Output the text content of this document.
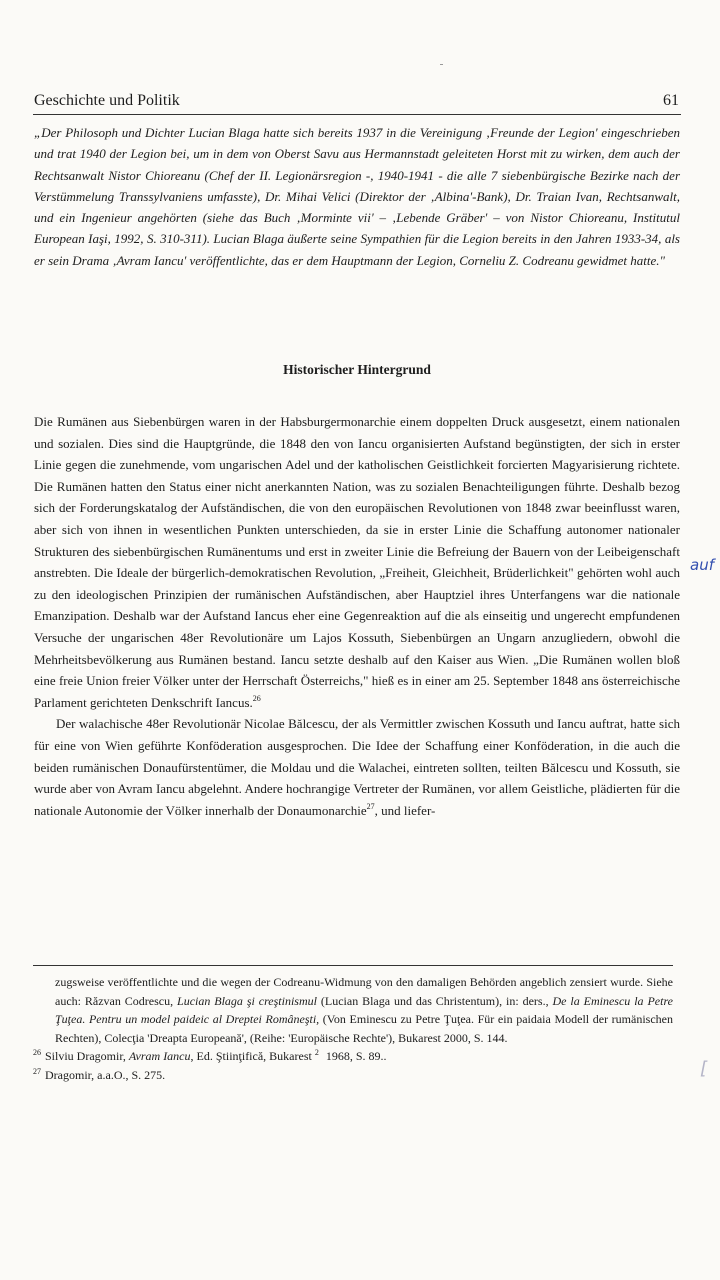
Geschichte und Politik	61

„Der Philosoph und Dichter Lucian Blaga hatte sich bereits 1937 in die Vereinigung ‚Freunde der Legion' eingeschrieben und trat 1940 der Legion bei, um in dem von Oberst Savu aus Hermannstadt geleiteten Horst mit zu wirken, dem auch der Rechtsanwalt Nistor Chioreanu (Chef der II. Legionärsregion -, 1940-1941 - die alle 7 siebenbürgische Bezirke nach der Verstümmelung Transsylvaniens umfasste), Dr. Mihai Velici (Direktor der ‚Albina'-Bank), Dr. Traian Ivan, Rechtsanwalt, und ein Ingenieur angehörten (siehe das Buch ‚Morminte vii' – ‚Lebende Gräber' – von Nistor Chioreanu, Institutul European Iaşi, 1992, S. 310-311). Lucian Blaga äußerte seine Sympathien für die Legion bereits in den Jahren 1933-34, als er sein Drama ‚Avram Iancu' veröffentlichte, das er dem Hauptmann der Legion, Corneliu Z. Codreanu gewidmet hatte."

Historischer Hintergrund

Die Rumänen aus Siebenbürgen waren in der Habsburgermonarchie einem doppelten Druck ausgesetzt, einem nationalen und sozialen. Dies sind die Hauptgründe, die 1848 den von Iancu organisierten Aufstand begünstigten, der sich in erster Linie gegen die zunehmende, vom ungarischen Adel und der katholischen Geistlichkeit forcierten Magyarisierung richtete. Die Rumänen hatten den Status einer nicht anerkannten Nation, was zu sozialen Benachteiligungen führte. Deshalb bezog sich der Forderungskatalog der Aufständischen, die von den europäischen Revolutionen von 1848 zwar beeinflusst waren, aber sich von ihnen in wesentlichen Punkten unterschieden, da sie in erster Linie die Schaffung autonomer nationaler Strukturen des siebenbürgischen Rumänentums und erst in zweiter Linie die Befreiung der Bauern von der Leibeigenschaft anstrebten. Die Ideale der bürgerlich-demokratischen Revolution, „Freiheit, Gleichheit, Brüderlichkeit" gehörten wohl auch zu den ideologischen Prinzipien der rumänischen Aufständischen, aber Hauptziel ihres Unterfangens war die nationale Emanzipation. Deshalb war der Aufstand Iancus eher eine Gegenreaktion auf die als einseitig und ungerecht empfundenen Versuche der ungarischen 48er Revolutionäre um Lajos Kossuth, Siebenbürgen an Ungarn anzugliedern, obwohl die Mehrheitsbevölkerung aus Rumänen bestand. Iancu setzte deshalb auf den Kaiser aus Wien. „Die Rumänen wollen bloß eine freie Union freier Völker unter der Herrschaft Österreichs," hieß es in einer am 25. September 1848 ans österreichische Parlament gerichteten Denkschrift Iancus.$^{26}$

Der walachische 48er Revolutionär Nicolae Bălcescu, der als Vermittler zwischen Kossuth und Iancu auftrat, hatte sich für eine von Wien geführte Konföderation ausgesprochen. Die Idee der Schaffung einer Konföderation, in die auch die beiden rumänischen Donaufürstentümer, die Moldau und die Walachei, eintreten sollten, teilten Bălcescu und Kossuth, sie wurde aber von Avram Iancu abgelehnt. Andere hochrangige Vertreter der Rumänen, vor allem Geistliche, plädierten für die nationale Autonomie der Völker innerhalb der Donaumonarchie$^{27}$, und liefer-

zugsweise veröffentlichte und die wegen der Codreanu-Widmung von den damaligen Behörden angeblich zensiert wurde. Siehe auch: Răzvan Codrescu, Lucian Blaga şi creştinismul (Lucian Blaga und das Christentum), in: ders., De la Eminescu la Petre Ţuţea. Pentru un model paideic al Dreptei Româneşti, (Von Eminescu zu Petre Ţuţea. Für ein paidaia Modell der rumänischen Rechten), Colecţia 'Dreapta Europeană', (Reihe: 'Europäische Rechte'), Bukarest 2000, S. 144.

$^{26}$ Silviu Dragomir, Avram Iancu, Ed. Ştiinţifică, Bukarest $^2$ 1968, S. 89..

$^{27}$ Dragomir, a.a.O., S. 275.

auf
[
